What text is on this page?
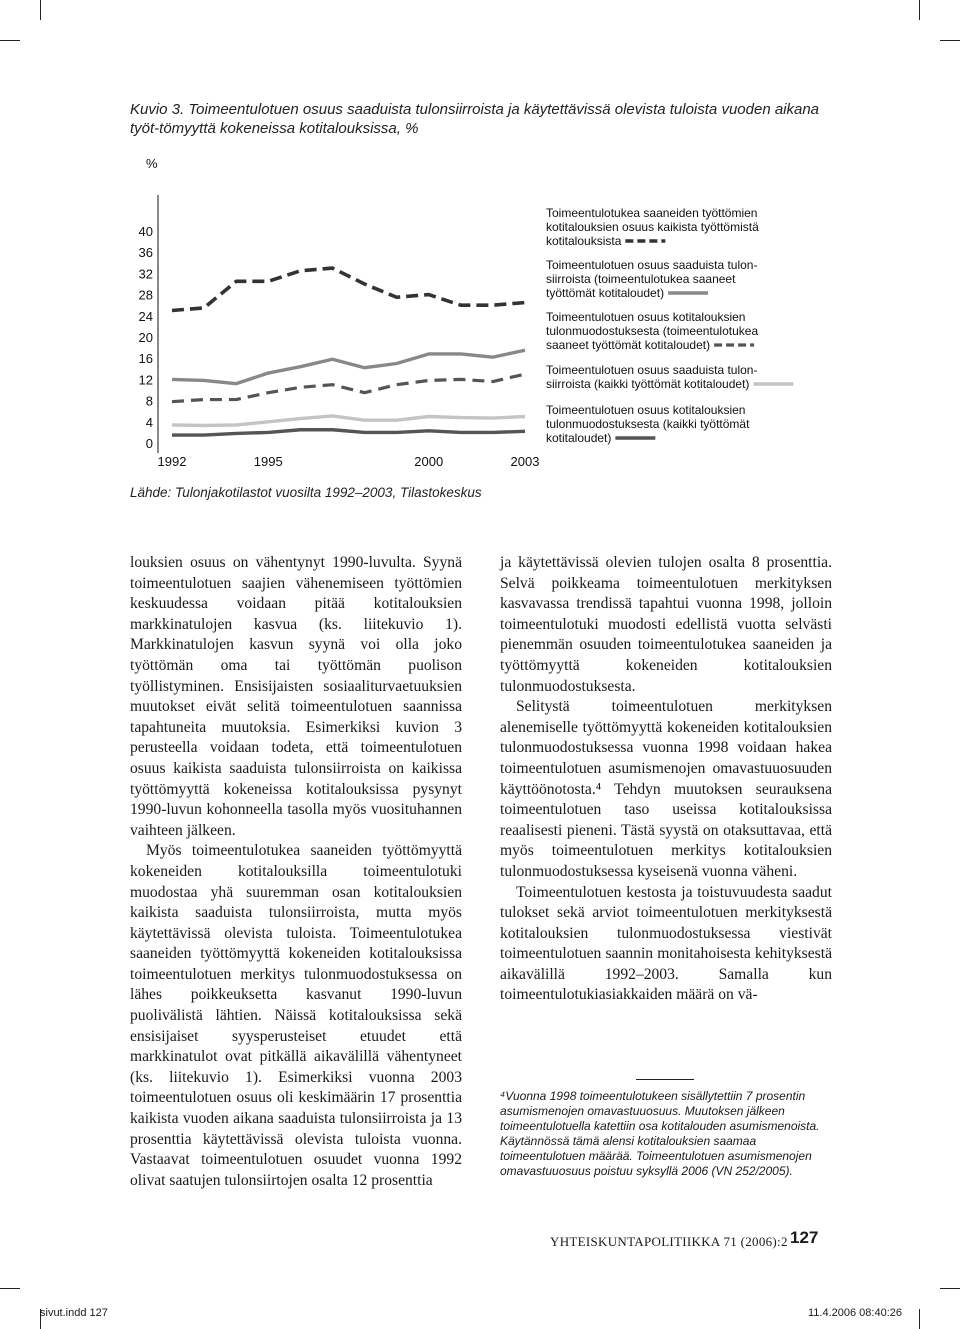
Kuvio 3. Toimeentulotuen osuus saaduista tulonsiirroista ja käytettävissä olevista tuloista vuoden aikana työt-tömyyttä kokeneissa kotitalouksissa, %
0
4
8
12
16
20
24
28
32
36
40
%
1992	1995	2000	2003
Toimeentulotukea saaneiden työttömien
kotitalouksien osuus kaikista työttömistä
kotitalouksista
Toimeentulotuen osuus saaduista tulon-
siirroista (toimeentulotukea saaneet
työttömät kotitaloudet)
Toimeentulotuen osuus kotitalouksien
tulonmuodostuksesta (toimeentulotukea
saaneet työttömät kotitaloudet)
Toimeentulotuen osuus saaduista tulon-
siirroista (kaikki työttömät kotitaloudet)
Toimeentulotuen osuus kotitalouksien
tulonmuodostuksesta (kaikki työttömät
kotitaloudet)
Lähde: Tulonjakotilastot vuosilta 1992–2003, Tilastokeskus

louksien osuus on vähentynyt 1990-luvulta. Syynä toimeentulotuen saajien vähenemiseen työttömien keskuudessa voidaan pitää kotitalouksien markkinatulojen kasvua (ks. liitekuvio 1). Markkinatulojen kasvun syynä voi olla joko työttömän oma tai työttömän puolison työllistyminen. Ensisijaisten sosiaaliturvaetuuksien muutokset eivät selitä toimeentulotuen saannissa tapahtuneita muutoksia. Esimerkiksi kuvion 3 perusteella voidaan todeta, että toimeentulotuen osuus kaikista saaduista tulonsiirroista on kaikissa työttömyyttä kokeneissa kotitalouksissa pysynyt 1990-luvun kohonneella tasolla myös vuosituhannen vaihteen jälkeen.

Myös toimeentulotukea saaneiden työttömyyttä kokeneiden kotitalouksilla toimeentulotuki muodostaa yhä suuremman osan kotitalouksien kaikista saaduista tulonsiirroista, mutta myös käytettävissä olevista tuloista. Toimeentulotukea saaneiden työttömyyttä kokeneiden kotitalouksissa toimeentulotuen merkitys tulonmuodostuksessa on lähes poikkeuksetta kasvanut 1990-luvun puolivälistä lähtien. Näissä kotitalouksissa sekä ensisijaiset syysperusteiset etuudet että markkinatulot ovat pitkällä aikavälillä vähentyneet (ks. liitekuvio 1). Esimerkiksi vuonna 2003 toimeentulotuen osuus oli keskimäärin 17 prosenttia kaikista vuoden aikana saaduista tulonsiirroista ja 13 prosenttia käytettävissä olevista tuloista vuonna. Vastaavat toimeentulotuen osuudet vuonna 1992 olivat saatujen tulonsiirtojen osalta 12 prosenttia

ja käytettävissä olevien tulojen osalta 8 prosenttia. Selvä poikkeama toimeentulotuen merkityksen kasvavassa trendissä tapahtui vuonna 1998, jolloin toimeentulotuki muodosti edellistä vuotta selvästi pienemmän osuuden toimeentulotukea saaneiden ja työttömyyttä kokeneiden kotitalouksien tulonmuodostuksesta.

Selitystä toimeentulotuen merkityksen alenemiselle työttömyyttä kokeneiden kotitalouksien tulonmuodostuksessa vuonna 1998 voidaan hakea toimeentulotuen asumismenojen omavastuuosuuden käyttöönotosta.⁴ Tehdyn muutoksen seurauksena toimeentulotuen taso useissa kotitalouksissa reaalisesti pieneni. Tästä syystä on otaksuttavaa, että myös toimeentulotuen merkitys kotitalouksien tulonmuodostuksessa kyseisenä vuonna väheni.

Toimeentulotuen kestosta ja toistuvuudesta saadut tulokset sekä arviot toimeentulotuen merkityksestä kotitalouksien tulonmuodostuksessa viestivät toimeentulotuen saannin monitahoisesta kehityksestä aikavälillä 1992–2003. Samalla kun toimeentulotukiasiakkaiden määrä on vä-

⁴Vuonna 1998 toimeentulotukeen sisällytettiin 7 prosentin asumismenojen omavastuuosuus. Muutoksen jälkeen toimeentulotuella katettiin osa kotitalouden asumismenoista. Käytännössä tämä alensi kotitalouksien saamaa toimeentulotuen määrää. Toimeentulotuen asumismenojen omavastuuosuus poistuu syksyllä 2006 (VN 252/2005).
YHTEISKUNTAPOLITIIKKA 71 (2006):2 127
sivut.indd 127	11.4.2006 08:40:26
